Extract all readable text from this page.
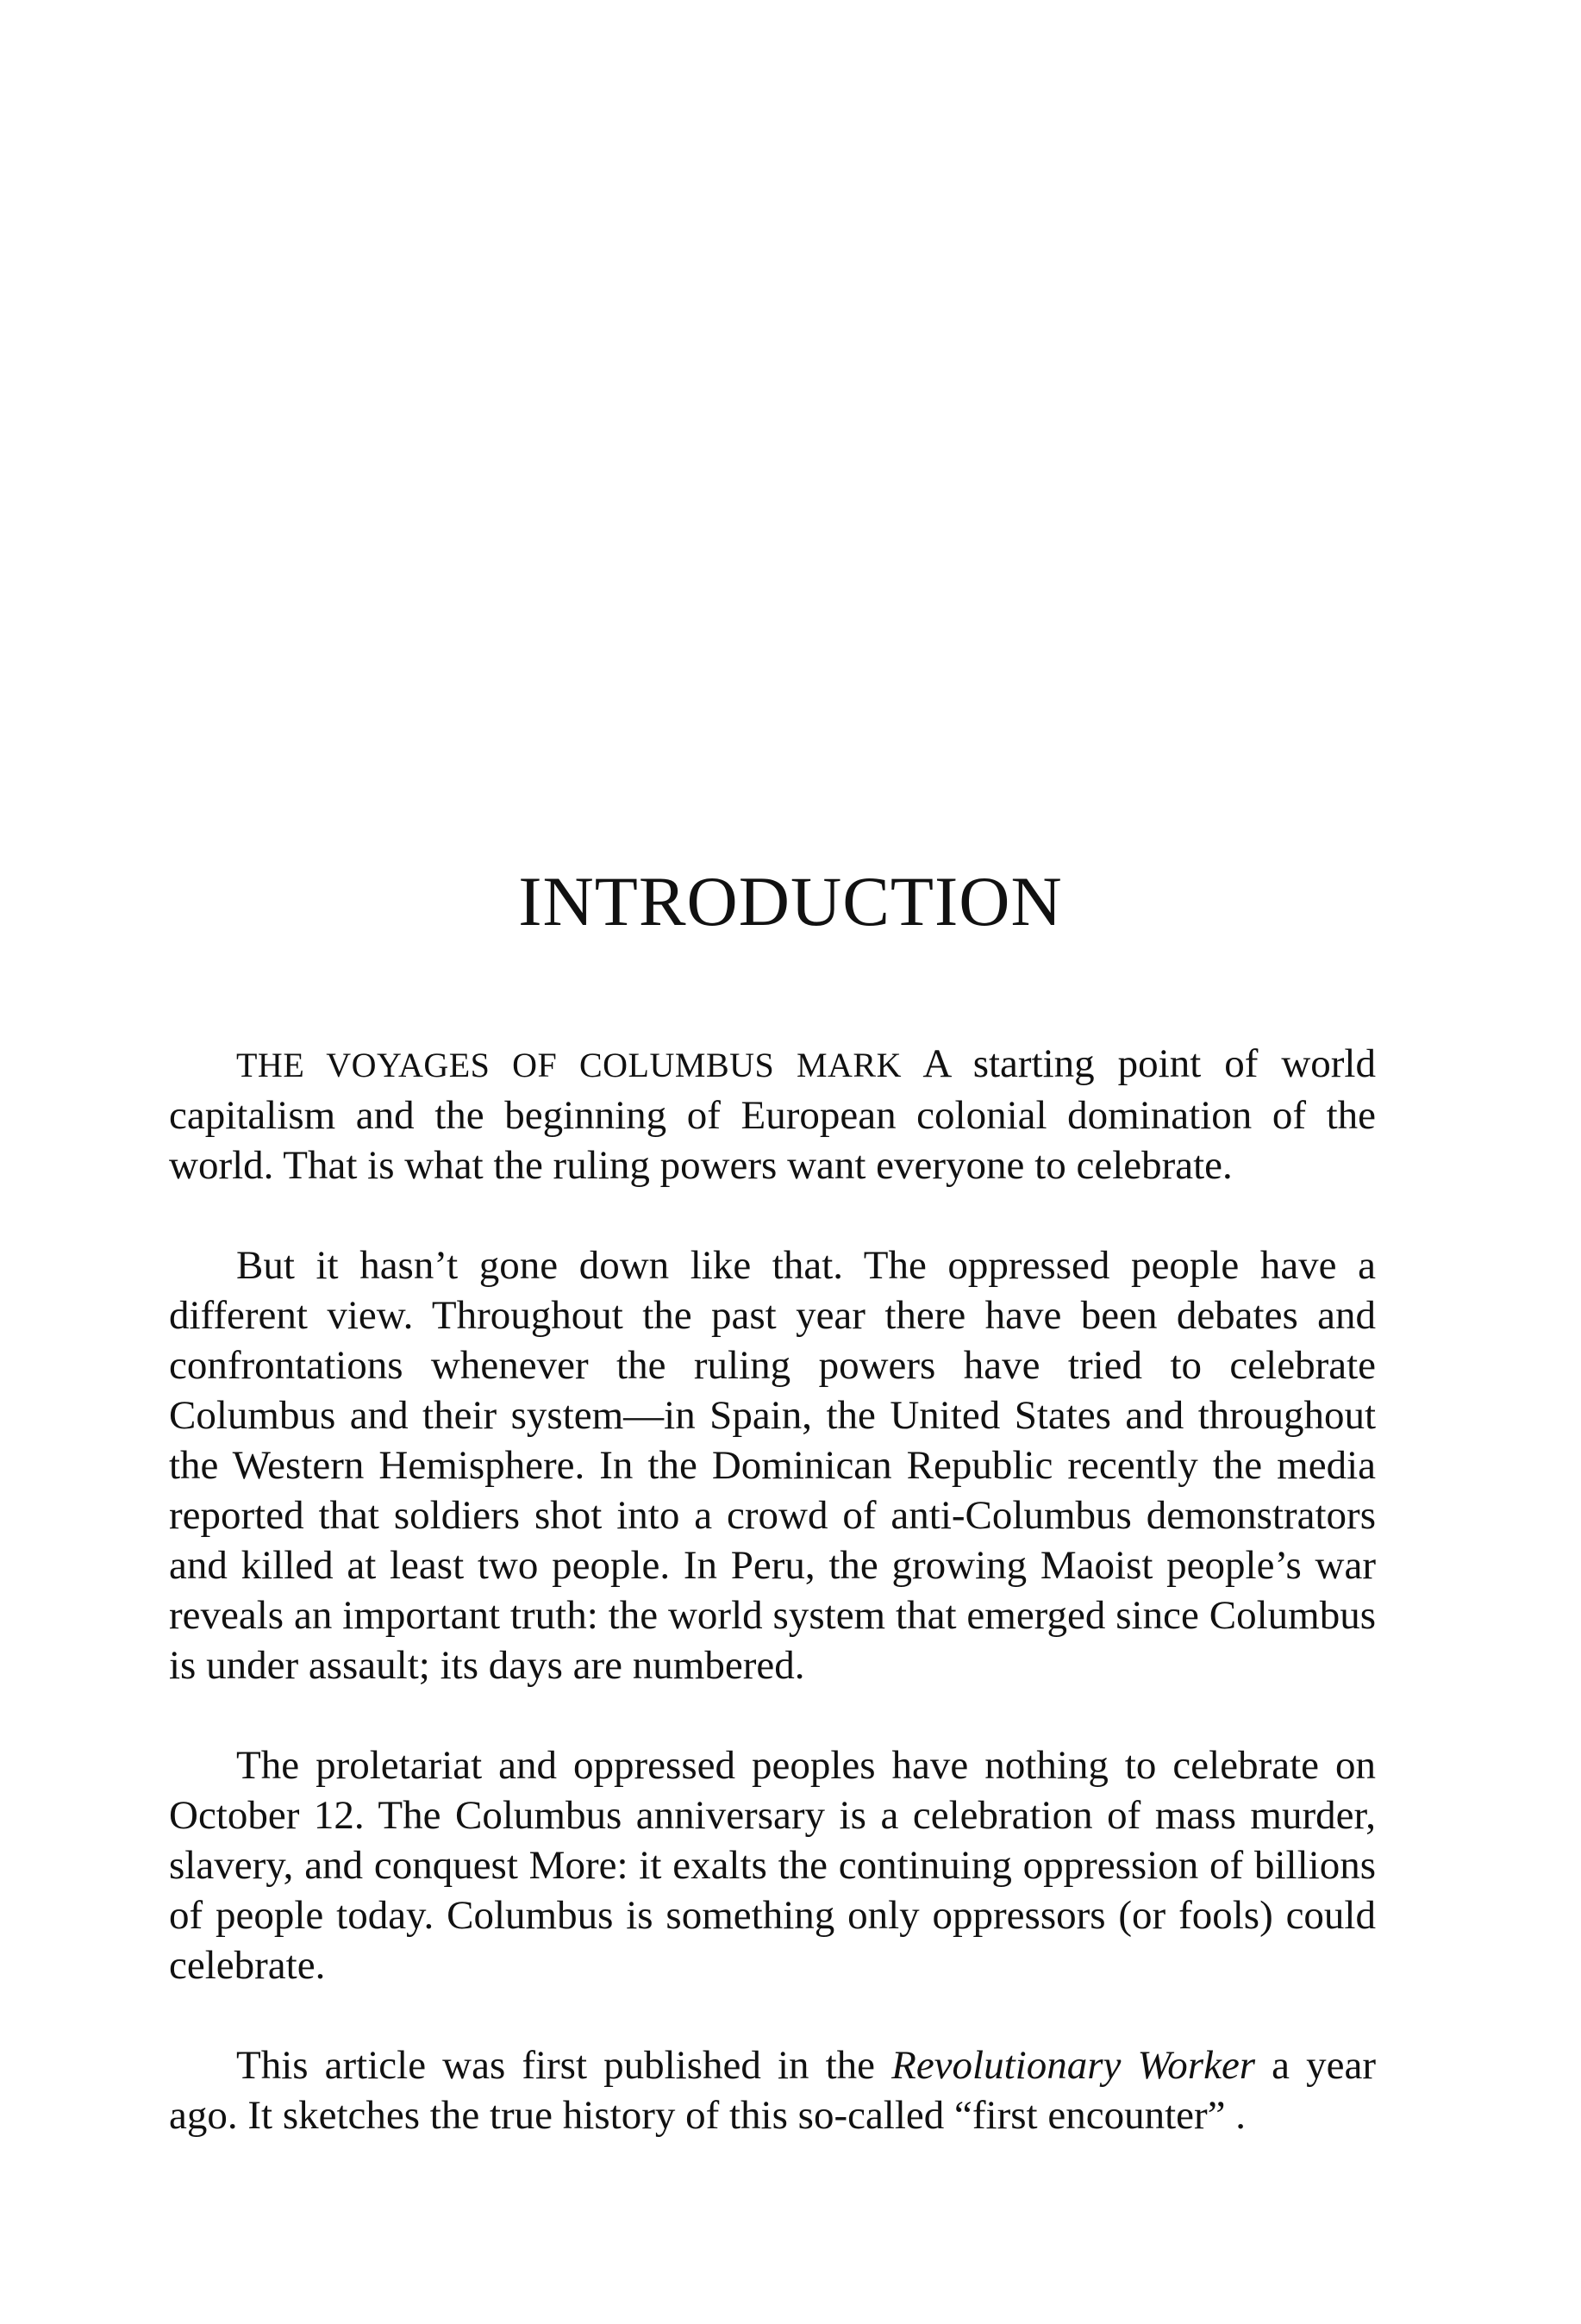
INTRODUCTION

THE VOYAGES OF COLUMBUS MARK A starting point of world capitalism and the beginning of European colonial domination of the world. That is what the ruling powers want everyone to celebrate.

But it hasn’t gone down like that. The oppressed people have a different view. Throughout the past year there have been debates and confrontations whenever the ruling powers have tried to celebrate Columbus and their system—in Spain, the United States and throughout the Western Hemisphere. In the Dominican Republic recently the media reported that soldiers shot into a crowd of anti-Columbus demonstrators and killed at least two people. In Peru, the growing Maoist people’s war reveals an important truth: the world system that emerged since Columbus is under assault; its days are numbered.

The proletariat and oppressed peoples have nothing to celebrate on October 12. The Columbus anniversary is a celebration of mass murder, slavery, and conquest More: it exalts the continuing oppression of billions of people today. Columbus is something only oppressors (or fools) could celebrate.

This article was first published in the Revolutionary Worker a year ago. It sketches the true history of this so-called “first encounter” .
